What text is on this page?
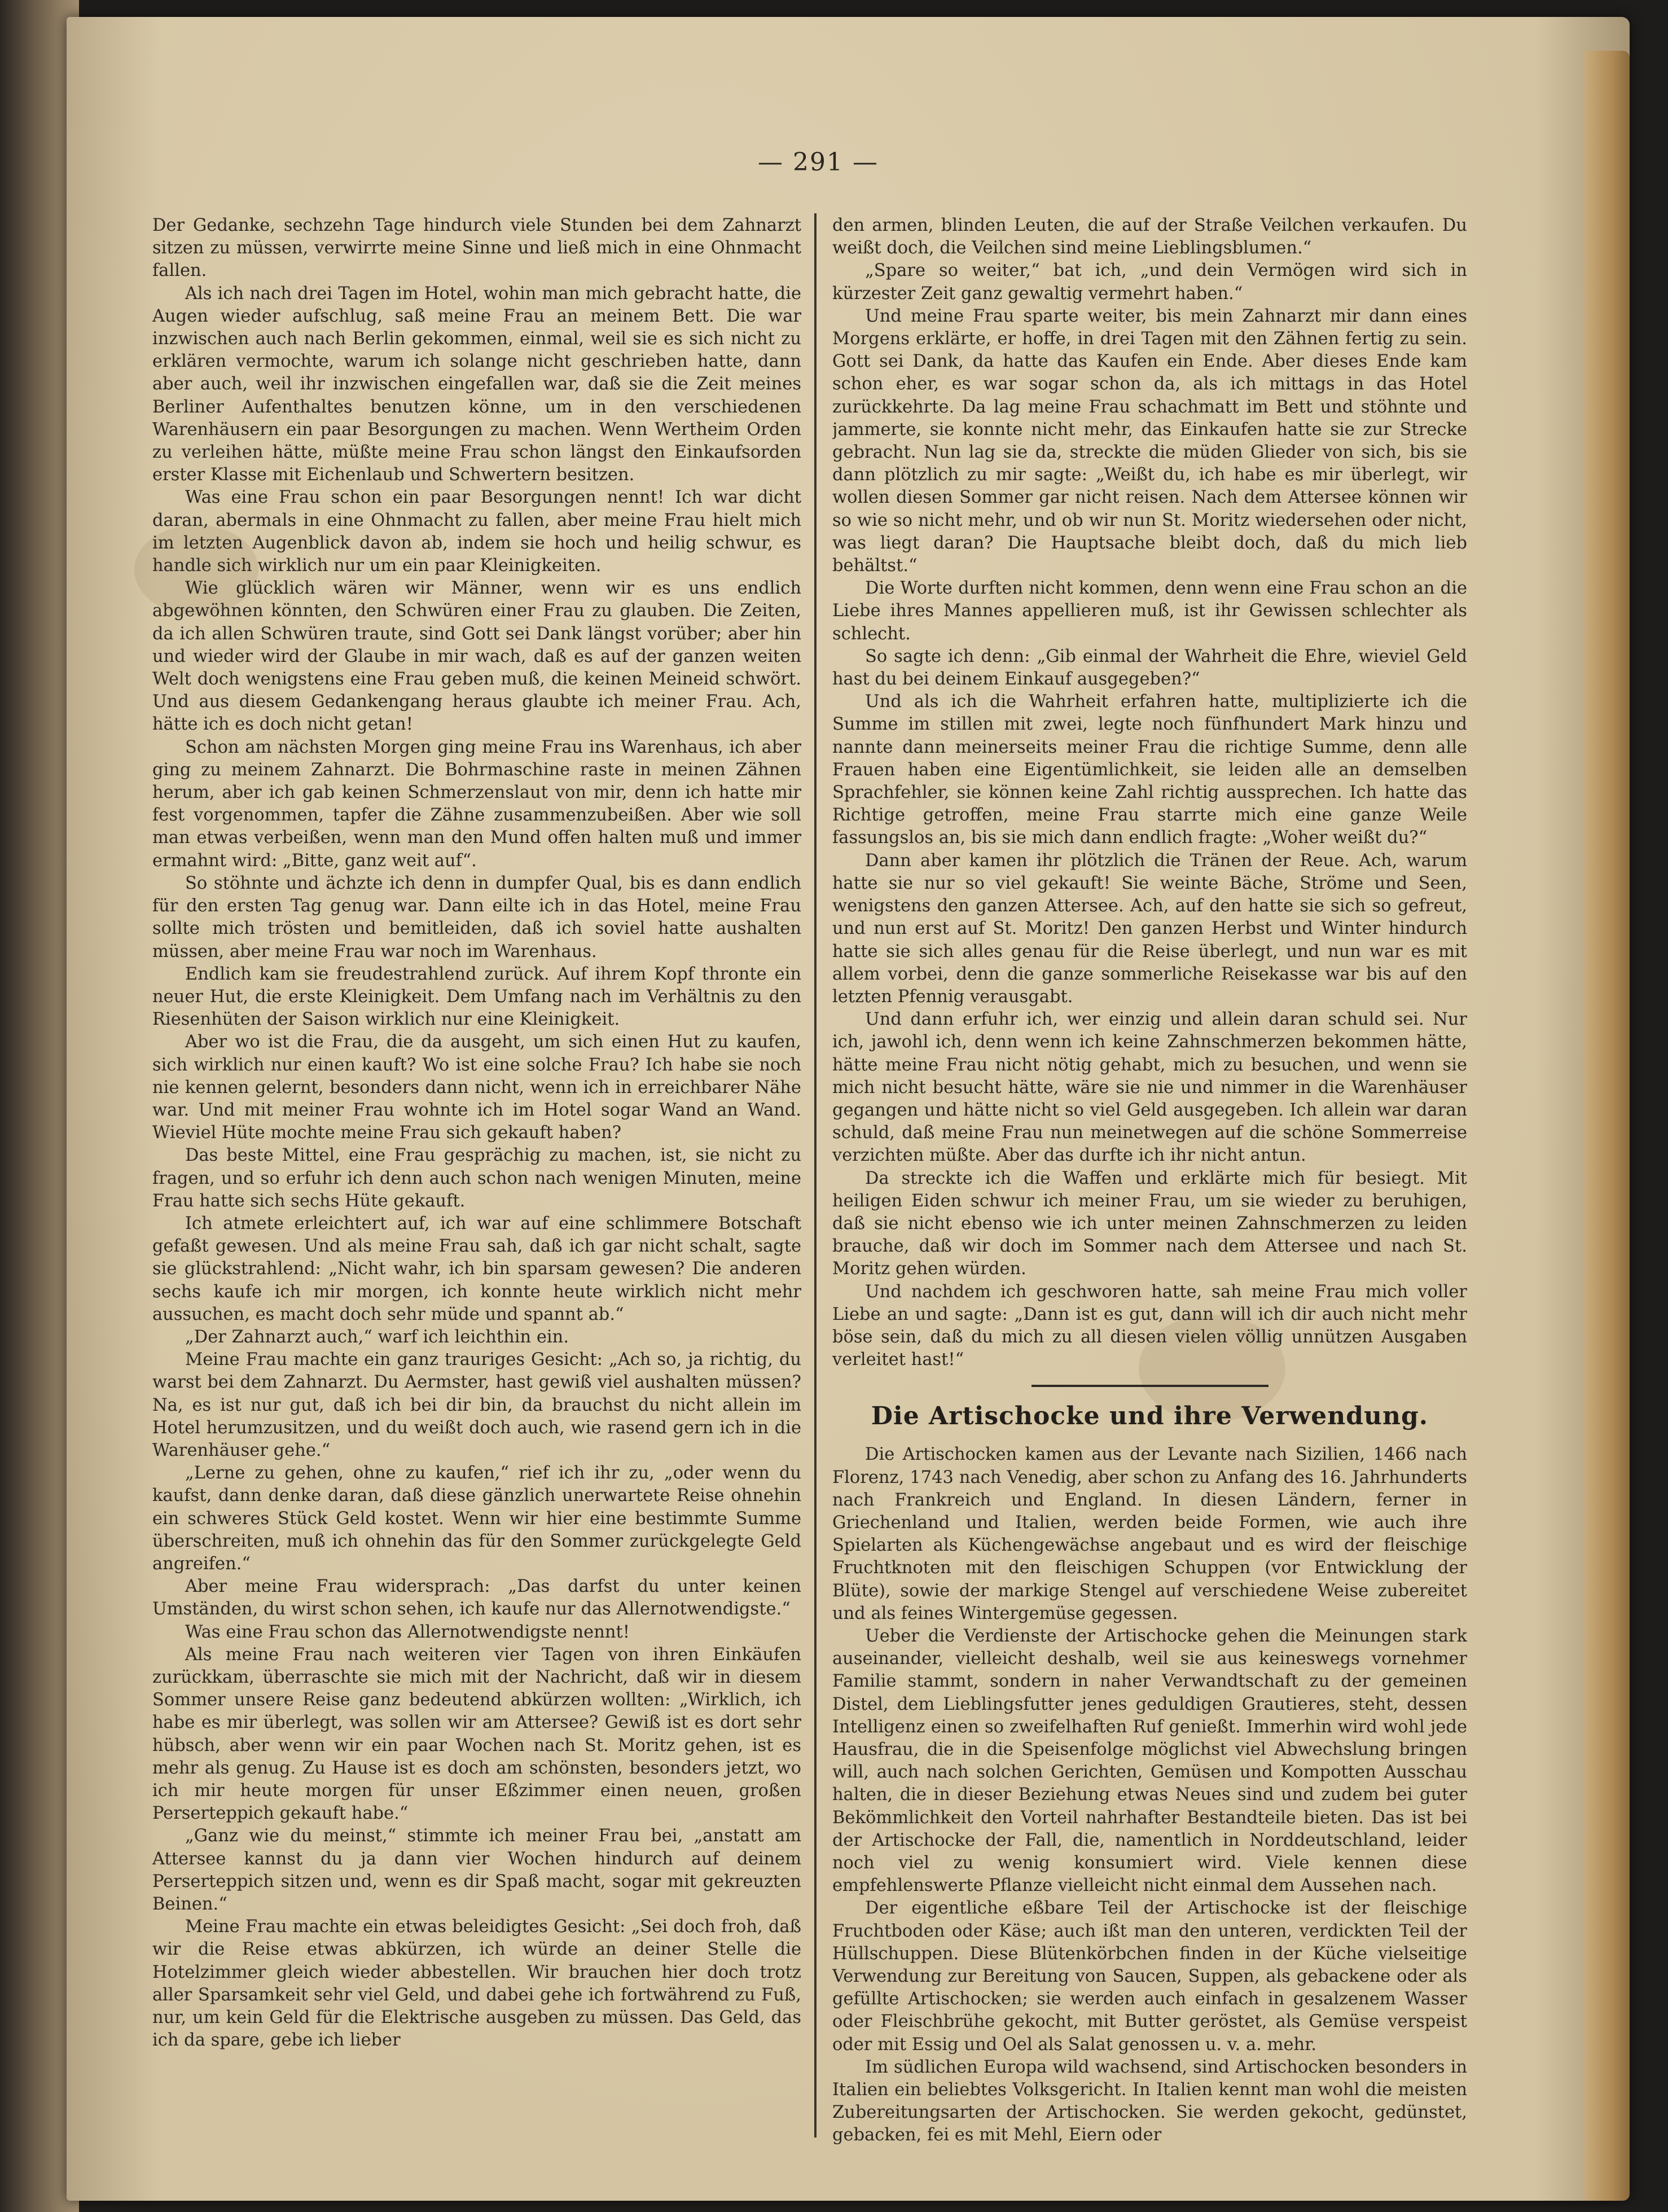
— 291 —

Der Gedanke, sechzehn Tage hindurch viele Stunden bei dem Zahnarzt sitzen zu müssen, verwirrte meine Sinne und ließ mich in eine Ohnmacht fallen.

Als ich nach drei Tagen im Hotel, wohin man mich gebracht hatte, die Augen wieder aufschlug, saß meine Frau an meinem Bett. Die war inzwischen auch nach Berlin gekommen, einmal, weil sie es sich nicht zu erklären vermochte, warum ich solange nicht geschrieben hatte, dann aber auch, weil ihr inzwischen eingefallen war, daß sie die Zeit meines Berliner Aufenthaltes benutzen könne, um in den verschiedenen Warenhäusern ein paar Besorgungen zu machen. Wenn Wertheim Orden zu verleihen hätte, müßte meine Frau schon längst den Einkaufsorden erster Klasse mit Eichenlaub und Schwertern besitzen.

Was eine Frau schon ein paar Besorgungen nennt! Ich war dicht daran, abermals in eine Ohnmacht zu fallen, aber meine Frau hielt mich im letzten Augenblick davon ab, indem sie hoch und heilig schwur, es handle sich wirklich nur um ein paar Kleinigkeiten.

Wie glücklich wären wir Männer, wenn wir es uns endlich abgewöhnen könnten, den Schwüren einer Frau zu glauben. Die Zeiten, da ich allen Schwüren traute, sind Gott sei Dank längst vorüber; aber hin und wieder wird der Glaube in mir wach, daß es auf der ganzen weiten Welt doch wenigstens eine Frau geben muß, die keinen Meineid schwört. Und aus diesem Gedankengang heraus glaubte ich meiner Frau. Ach, hätte ich es doch nicht getan!

Schon am nächsten Morgen ging meine Frau ins Warenhaus, ich aber ging zu meinem Zahnarzt. Die Bohrmaschine raste in meinen Zähnen herum, aber ich gab keinen Schmerzenslaut von mir, denn ich hatte mir fest vorgenommen, tapfer die Zähne zusammenzubeißen. Aber wie soll man etwas verbeißen, wenn man den Mund offen halten muß und immer ermahnt wird: „Bitte, ganz weit auf“.

So stöhnte und ächzte ich denn in dumpfer Qual, bis es dann endlich für den ersten Tag genug war. Dann eilte ich in das Hotel, meine Frau sollte mich trösten und bemitleiden, daß ich soviel hatte aushalten müssen, aber meine Frau war noch im Warenhaus.

Endlich kam sie freudestrahlend zurück. Auf ihrem Kopf thronte ein neuer Hut, die erste Kleinigkeit. Dem Umfang nach im Verhältnis zu den Riesenhüten der Saison wirklich nur eine Kleinigkeit.

Aber wo ist die Frau, die da ausgeht, um sich einen Hut zu kaufen, sich wirklich nur einen kauft? Wo ist eine solche Frau? Ich habe sie noch nie kennen gelernt, besonders dann nicht, wenn ich in erreichbarer Nähe war. Und mit meiner Frau wohnte ich im Hotel sogar Wand an Wand. Wieviel Hüte mochte meine Frau sich gekauft haben?

Das beste Mittel, eine Frau gesprächig zu machen, ist, sie nicht zu fragen, und so erfuhr ich denn auch schon nach wenigen Minuten, meine Frau hatte sich sechs Hüte gekauft.

Ich atmete erleichtert auf, ich war auf eine schlimmere Botschaft gefaßt gewesen. Und als meine Frau sah, daß ich gar nicht schalt, sagte sie glückstrahlend: „Nicht wahr, ich bin sparsam gewesen? Die anderen sechs kaufe ich mir morgen, ich konnte heute wirklich nicht mehr aussuchen, es macht doch sehr müde und spannt ab.“

„Der Zahnarzt auch,“ warf ich leichthin ein.

Meine Frau machte ein ganz trauriges Gesicht: „Ach so, ja richtig, du warst bei dem Zahnarzt. Du Aermster, hast gewiß viel aushalten müssen? Na, es ist nur gut, daß ich bei dir bin, da brauchst du nicht allein im Hotel herumzusitzen, und du weißt doch auch, wie rasend gern ich in die Warenhäuser gehe.“

„Lerne zu gehen, ohne zu kaufen,“ rief ich ihr zu, „oder wenn du kaufst, dann denke daran, daß diese gänzlich unerwartete Reise ohnehin ein schweres Stück Geld kostet. Wenn wir hier eine bestimmte Summe überschreiten, muß ich ohnehin das für den Sommer zurückgelegte Geld angreifen.“

Aber meine Frau widersprach: „Das darfst du unter keinen Umständen, du wirst schon sehen, ich kaufe nur das Allernotwendigste.“

Was eine Frau schon das Allernotwendigste nennt!

Als meine Frau nach weiteren vier Tagen von ihren Einkäufen zurückkam, überraschte sie mich mit der Nachricht, daß wir in diesem Sommer unsere Reise ganz bedeutend abkürzen wollten: „Wirklich, ich habe es mir überlegt, was sollen wir am Attersee? Gewiß ist es dort sehr hübsch, aber wenn wir ein paar Wochen nach St. Moritz gehen, ist es mehr als genug. Zu Hause ist es doch am schönsten, besonders jetzt, wo ich mir heute morgen für unser Eßzimmer einen neuen, großen Perserteppich gekauft habe.“

„Ganz wie du meinst,“ stimmte ich meiner Frau bei, „anstatt am Attersee kannst du ja dann vier Wochen hindurch auf deinem Perserteppich sitzen und, wenn es dir Spaß macht, sogar mit gekreuzten Beinen.“

Meine Frau machte ein etwas beleidigtes Gesicht: „Sei doch froh, daß wir die Reise etwas abkürzen, ich würde an deiner Stelle die Hotelzimmer gleich wieder abbestellen. Wir brauchen hier doch trotz aller Sparsamkeit sehr viel Geld, und dabei gehe ich fortwährend zu Fuß, nur, um kein Geld für die Elektrische ausgeben zu müssen. Das Geld, das ich da spare, gebe ich lieber

den armen, blinden Leuten, die auf der Straße Veilchen verkaufen. Du weißt doch, die Veilchen sind meine Lieblingsblumen.“

„Spare so weiter,“ bat ich, „und dein Vermögen wird sich in kürzester Zeit ganz gewaltig vermehrt haben.“

Und meine Frau sparte weiter, bis mein Zahnarzt mir dann eines Morgens erklärte, er hoffe, in drei Tagen mit den Zähnen fertig zu sein. Gott sei Dank, da hatte das Kaufen ein Ende. Aber dieses Ende kam schon eher, es war sogar schon da, als ich mittags in das Hotel zurückkehrte. Da lag meine Frau schachmatt im Bett und stöhnte und jammerte, sie konnte nicht mehr, das Einkaufen hatte sie zur Strecke gebracht. Nun lag sie da, streckte die müden Glieder von sich, bis sie dann plötzlich zu mir sagte: „Weißt du, ich habe es mir überlegt, wir wollen diesen Sommer gar nicht reisen. Nach dem Attersee können wir so wie so nicht mehr, und ob wir nun St. Moritz wiedersehen oder nicht, was liegt daran? Die Hauptsache bleibt doch, daß du mich lieb behältst.“

Die Worte durften nicht kommen, denn wenn eine Frau schon an die Liebe ihres Mannes appellieren muß, ist ihr Gewissen schlechter als schlecht.

So sagte ich denn: „Gib einmal der Wahrheit die Ehre, wieviel Geld hast du bei deinem Einkauf ausgegeben?“

Und als ich die Wahrheit erfahren hatte, multiplizierte ich die Summe im stillen mit zwei, legte noch fünfhundert Mark hinzu und nannte dann meinerseits meiner Frau die richtige Summe, denn alle Frauen haben eine Eigentümlichkeit, sie leiden alle an demselben Sprachfehler, sie können keine Zahl richtig aussprechen. Ich hatte das Richtige getroffen, meine Frau starrte mich eine ganze Weile fassungslos an, bis sie mich dann endlich fragte: „Woher weißt du?“

Dann aber kamen ihr plötzlich die Tränen der Reue. Ach, warum hatte sie nur so viel gekauft! Sie weinte Bäche, Ströme und Seen, wenigstens den ganzen Attersee. Ach, auf den hatte sie sich so gefreut, und nun erst auf St. Moritz! Den ganzen Herbst und Winter hindurch hatte sie sich alles genau für die Reise überlegt, und nun war es mit allem vorbei, denn die ganze sommerliche Reisekasse war bis auf den letzten Pfennig verausgabt.

Und dann erfuhr ich, wer einzig und allein daran schuld sei. Nur ich, jawohl ich, denn wenn ich keine Zahnschmerzen bekommen hätte, hätte meine Frau nicht nötig gehabt, mich zu besuchen, und wenn sie mich nicht besucht hätte, wäre sie nie und nimmer in die Warenhäuser gegangen und hätte nicht so viel Geld ausgegeben. Ich allein war daran schuld, daß meine Frau nun meinetwegen auf die schöne Sommerreise verzichten müßte. Aber das durfte ich ihr nicht antun.

Da streckte ich die Waffen und erklärte mich für besiegt. Mit heiligen Eiden schwur ich meiner Frau, um sie wieder zu beruhigen, daß sie nicht ebenso wie ich unter meinen Zahnschmerzen zu leiden brauche, daß wir doch im Sommer nach dem Attersee und nach St. Moritz gehen würden.

Und nachdem ich geschworen hatte, sah meine Frau mich voller Liebe an und sagte: „Dann ist es gut, dann will ich dir auch nicht mehr böse sein, daß du mich zu all diesen vielen völlig unnützen Ausgaben verleitet hast!“

Die Artischocke und ihre Verwendung.

Die Artischocken kamen aus der Levante nach Sizilien, 1466 nach Florenz, 1743 nach Venedig, aber schon zu Anfang des 16. Jahrhunderts nach Frankreich und England. In diesen Ländern, ferner in Griechenland und Italien, werden beide Formen, wie auch ihre Spielarten als Küchengewächse angebaut und es wird der fleischige Fruchtknoten mit den fleischigen Schuppen (vor Entwicklung der Blüte), sowie der markige Stengel auf verschiedene Weise zubereitet und als feines Wintergemüse gegessen.

Ueber die Verdienste der Artischocke gehen die Meinungen stark auseinander, vielleicht deshalb, weil sie aus keineswegs vornehmer Familie stammt, sondern in naher Verwandtschaft zu der gemeinen Distel, dem Lieblingsfutter jenes geduldigen Grautieres, steht, dessen Intelligenz einen so zweifelhaften Ruf genießt. Immerhin wird wohl jede Hausfrau, die in die Speisenfolge möglichst viel Abwechslung bringen will, auch nach solchen Gerichten, Gemüsen und Kompotten Ausschau halten, die in dieser Beziehung etwas Neues sind und zudem bei guter Bekömmlichkeit den Vorteil nahrhafter Bestandteile bieten. Das ist bei der Artischocke der Fall, die, namentlich in Norddeutschland, leider noch viel zu wenig konsumiert wird. Viele kennen diese empfehlenswerte Pflanze vielleicht nicht einmal dem Aussehen nach.

Der eigentliche eßbare Teil der Artischocke ist der fleischige Fruchtboden oder Käse; auch ißt man den unteren, verdickten Teil der Hüllschuppen. Diese Blütenkörbchen finden in der Küche vielseitige Verwendung zur Bereitung von Saucen, Suppen, als gebackene oder als gefüllte Artischocken; sie werden auch einfach in gesalzenem Wasser oder Fleischbrühe gekocht, mit Butter geröstet, als Gemüse verspeist oder mit Essig und Oel als Salat genossen u. v. a. mehr.

Im südlichen Europa wild wachsend, sind Artischocken besonders in Italien ein beliebtes Volksgericht. In Italien kennt man wohl die meisten Zubereitungsarten der Artischocken. Sie werden gekocht, gedünstet, gebacken, fei es mit Mehl, Eiern oder
